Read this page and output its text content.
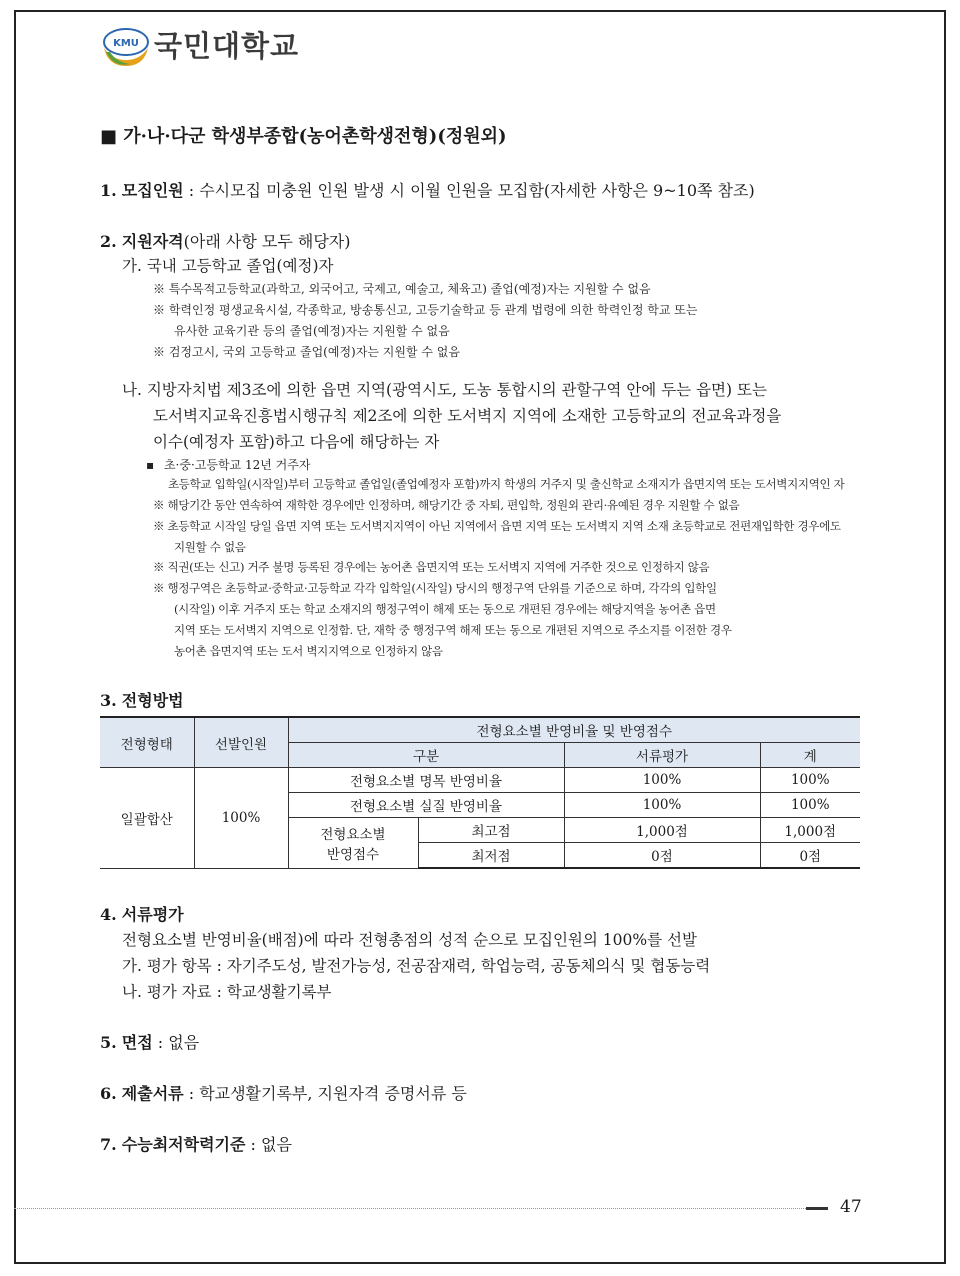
KMU 국민대학교
■ 가·나·다군 학생부종합(농어촌학생전형)(정원외)
1. 모집인원 : 수시모집 미충원 인원 발생 시 이월 인원을 모집함(자세한 사항은 9~10쪽 참조)
2. 지원자격(아래 사항 모두 해당자)
가. 국내 고등학교 졸업(예정)자
※ 특수목적고등학교(과학고, 외국어고, 국제고, 예술고, 체육고) 졸업(예정)자는 지원할 수 없음
※ 학력인정 평생교육시설, 각종학교, 방송통신고, 고등기술학교 등 관계 법령에 의한 학력인정 학교 또는
유사한 교육기관 등의 졸업(예정)자는 지원할 수 없음
※ 검정고시, 국외 고등학교 졸업(예정)자는 지원할 수 없음
나. 지방자치법 제3조에 의한 읍면 지역(광역시도, 도농 통합시의 관할구역 안에 두는 읍면) 또는
도서벽지교육진흥법시행규칙 제2조에 의한 도서벽지 지역에 소재한 고등학교의 전교육과정을
이수(예정자 포함)하고 다음에 해당하는 자
▪ 초·중·고등학교 12년 거주자
초등학교 입학일(시작일)부터 고등학교 졸업일(졸업예정자 포함)까지 학생의 거주지 및 출신학교 소재지가 읍면지역 또는 도서벽지지역인 자
※ 해당기간 동안 연속하여 재학한 경우에만 인정하며, 해당기간 중 자퇴, 편입학, 정원외 관리·유예된 경우 지원할 수 없음
※ 초등학교 시작일 당일 읍면 지역 또는 도서벽지지역이 아닌 지역에서 읍면 지역 또는 도서벽지 지역 소재 초등학교로 전편재입학한 경우에도
지원할 수 없음
※ 직권(또는 신고) 거주 불명 등록된 경우에는 농어촌 읍면지역 또는 도서벽지 지역에 거주한 것으로 인정하지 않음
※ 행정구역은 초등학교·중학교·고등학교 각각 입학일(시작일) 당시의 행정구역 단위를 기준으로 하며, 각각의 입학일
(시작일) 이후 거주지 또는 학교 소재지의 행정구역이 해제 또는 동으로 개편된 경우에는 해당지역을 농어촌 읍면
지역 또는 도서벽지 지역으로 인정함. 단, 재학 중 행정구역 해제 또는 동으로 개편된 지역으로 주소지를 이전한 경우
농어촌 읍면지역 또는 도서 벽지지역으로 인정하지 않음
3. 전형방법
전형형태	선발인원	전형요소별 반영비율 및 반영점수			
		구분		서류평가	계
일괄합산	100%	전형요소별 명목 반영비율		100%	100%
		전형요소별 실질 반영비율		100%	100%
		전형요소별
반영점수	최고점	1,000점	1,000점
			최저점	0점	0점
4. 서류평가
전형요소별 반영비율(배점)에 따라 전형총점의 성적 순으로 모집인원의 100%를 선발
가. 평가 항목 : 자기주도성, 발전가능성, 전공잠재력, 학업능력, 공동체의식 및 협동능력
나. 평가 자료 : 학교생활기록부
5. 면접 : 없음
6. 제출서류 : 학교생활기록부, 지원자격 증명서류 등
7. 수능최저학력기준 : 없음
47
